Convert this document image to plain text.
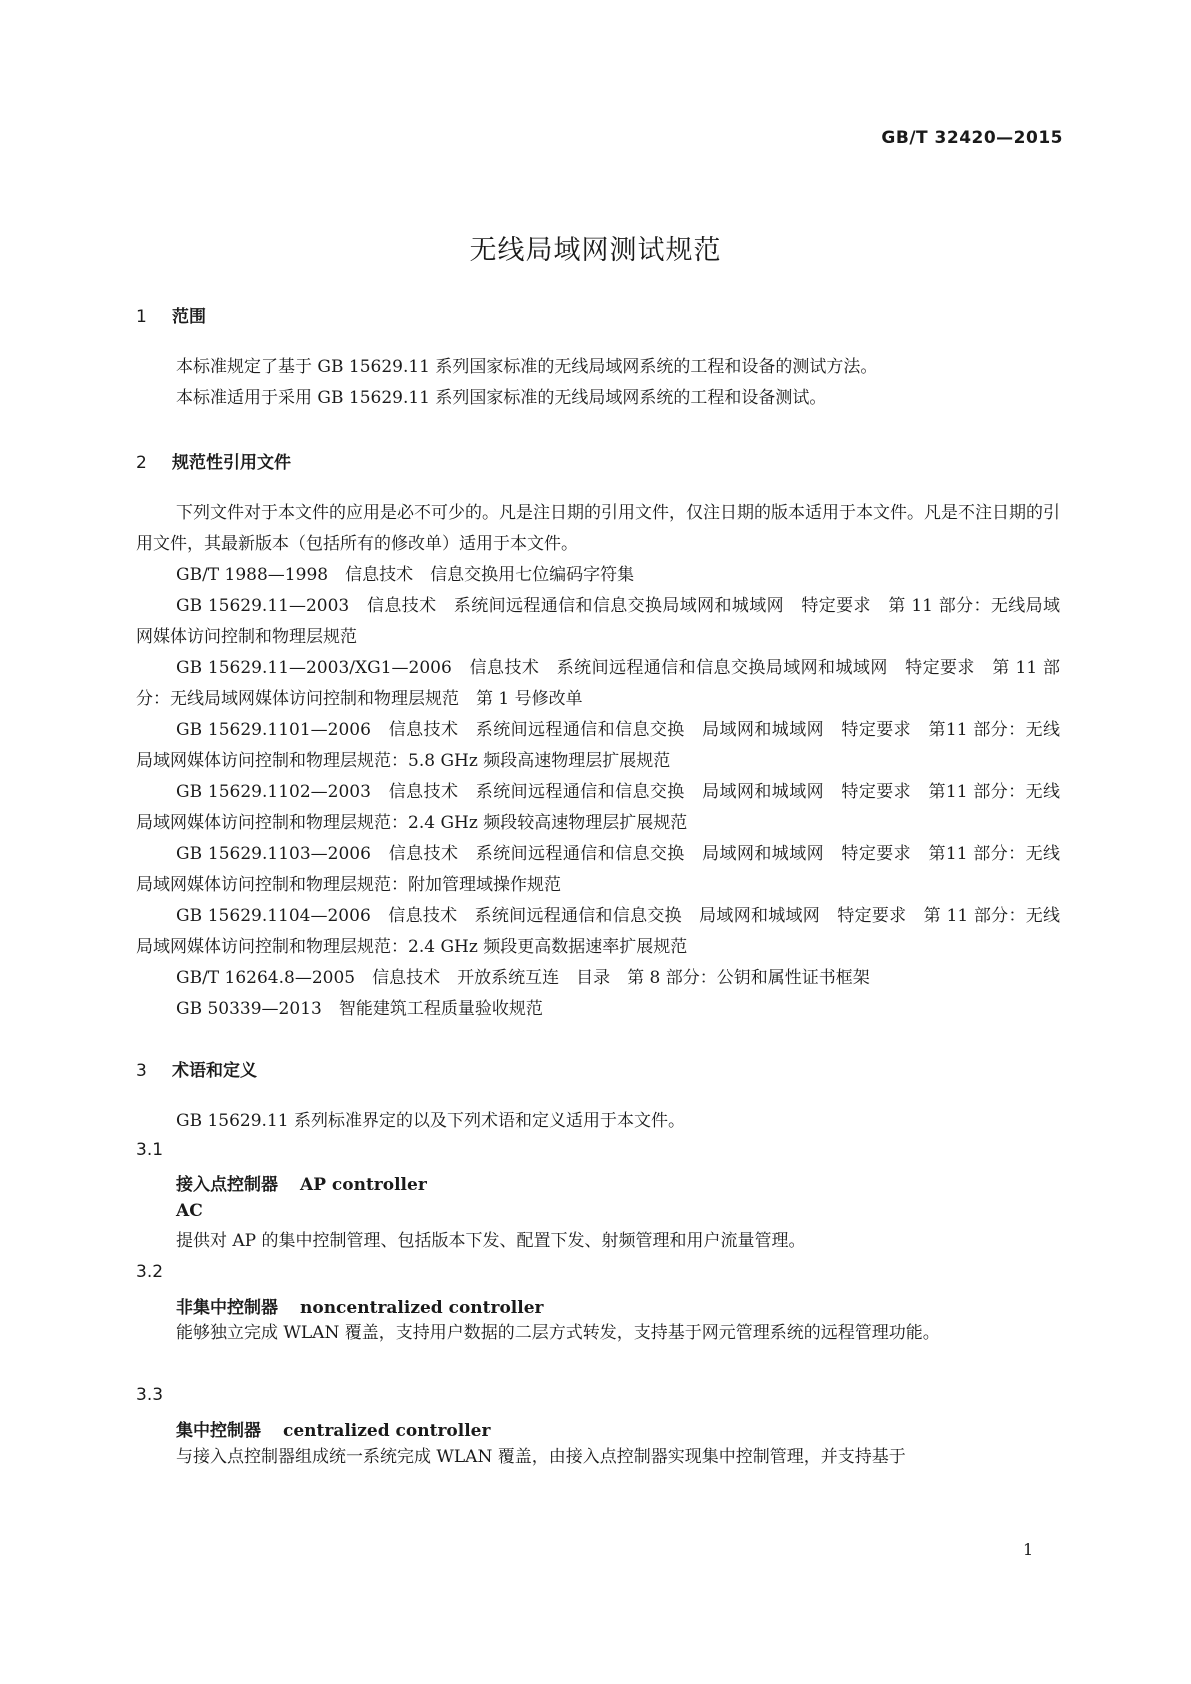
GB/T 32420—2015
无线局域网测试规范
1 范围
本标准规定了基于 GB 15629.11 系列国家标准的无线局域网系统的工程和设备的测试方法。
本标准适用于采用 GB 15629.11 系列国家标准的无线局域网系统的工程和设备测试。
2 规范性引用文件
下列文件对于本文件的应用是必不可少的。凡是注日期的引用文件，仅注日期的版本适用于本文件。凡是不注日期的引用文件，其最新版本（包括所有的修改单）适用于本文件。
GB/T 1988—1998　信息技术　信息交换用七位编码字符集
GB 15629.11—2003　信息技术　系统间远程通信和信息交换局域网和城域网　特定要求　第 11 部分：无线局域网媒体访问控制和物理层规范
GB 15629.11—2003/XG1—2006　信息技术　系统间远程通信和信息交换局域网和城域网　特定要求　第 11 部分：无线局域网媒体访问控制和物理层规范　第 1 号修改单
GB 15629.1101—2006　信息技术　系统间远程通信和信息交换　局域网和城域网　特定要求　第11 部分：无线局域网媒体访问控制和物理层规范：5.8 GHz 频段高速物理层扩展规范
GB 15629.1102—2003　信息技术　系统间远程通信和信息交换　局域网和城域网　特定要求　第11 部分：无线局域网媒体访问控制和物理层规范：2.4 GHz 频段较高速物理层扩展规范
GB 15629.1103—2006　信息技术　系统间远程通信和信息交换　局域网和城域网　特定要求　第11 部分：无线局域网媒体访问控制和物理层规范：附加管理域操作规范
GB 15629.1104—2006　信息技术　系统间远程通信和信息交换　局域网和城域网　特定要求　第 11 部分：无线局域网媒体访问控制和物理层规范：2.4 GHz 频段更高数据速率扩展规范
GB/T 16264.8—2005　信息技术　开放系统互连　目录　第 8 部分：公钥和属性证书框架
GB 50339—2013　智能建筑工程质量验收规范
3 术语和定义
GB 15629.11 系列标准界定的以及下列术语和定义适用于本文件。
3.1
接入点控制器 AP controller
AC
提供对 AP 的集中控制管理、包括版本下发、配置下发、射频管理和用户流量管理。
3.2
非集中控制器 noncentralized controller
能够独立完成 WLAN 覆盖，支持用户数据的二层方式转发，支持基于网元管理系统的远程管理功能。
3.3
集中控制器 centralized controller
与接入点控制器组成统一系统完成 WLAN 覆盖，由接入点控制器实现集中控制管理，并支持基于
1
